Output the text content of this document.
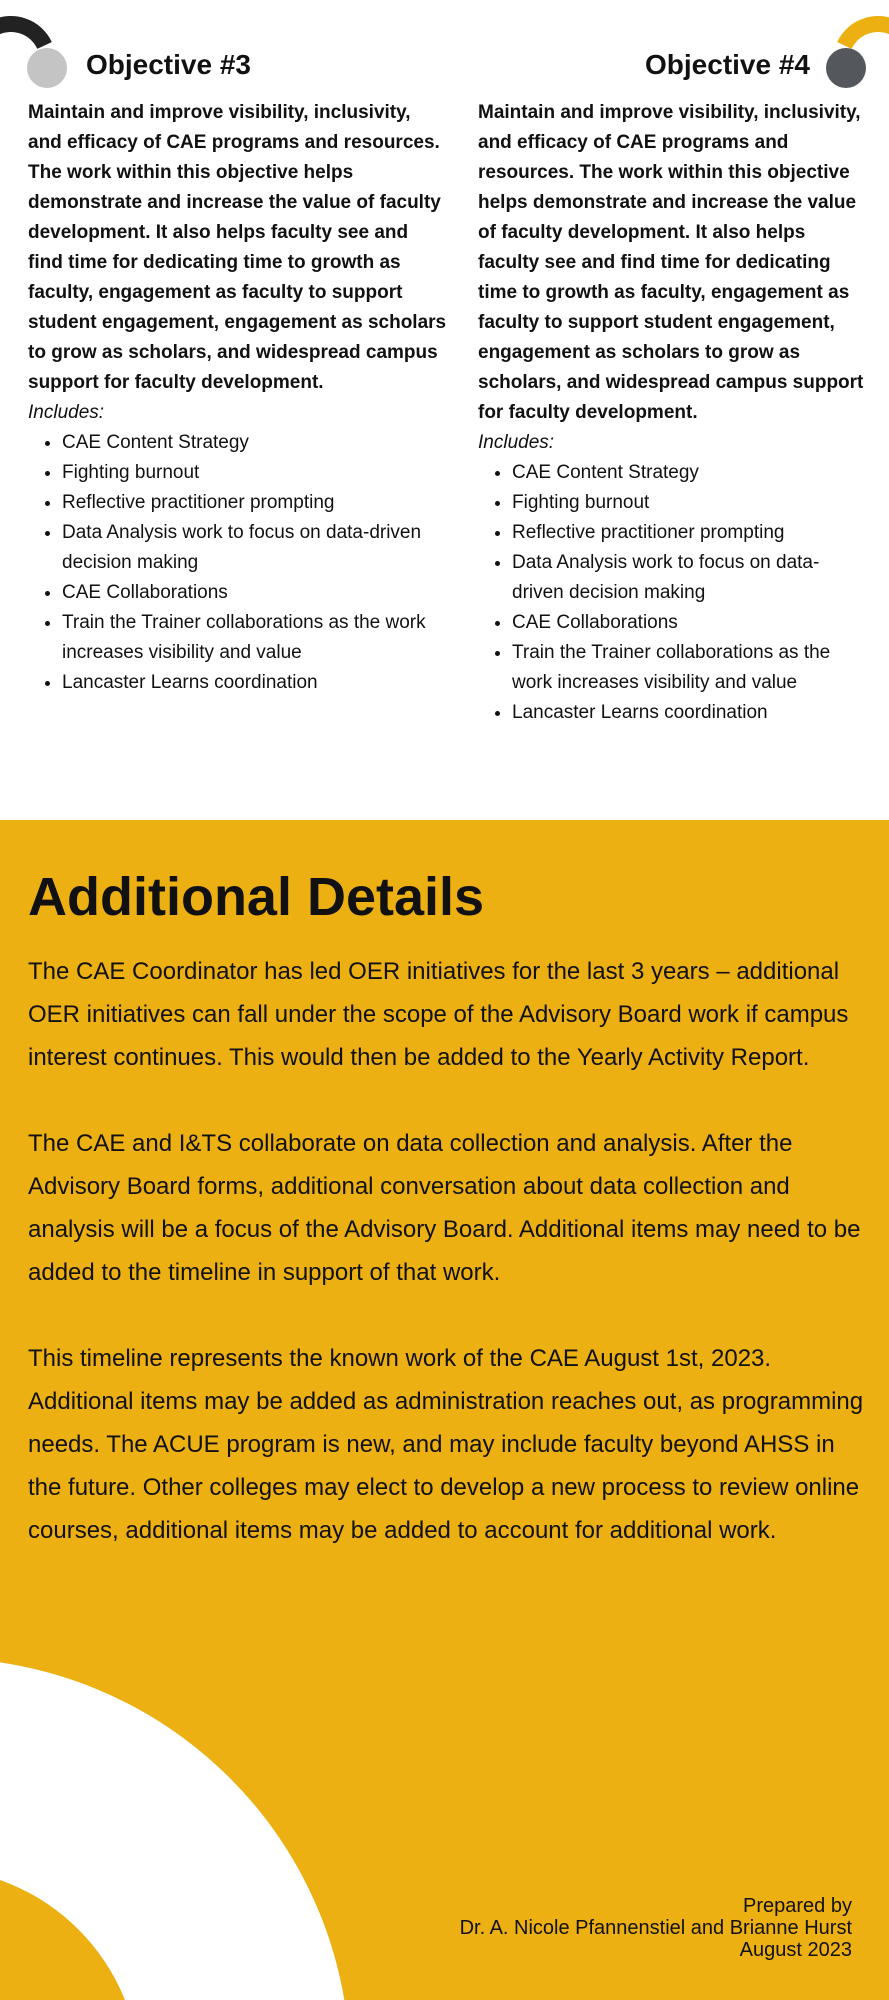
Objective #3

Maintain and improve visibility, inclusivity, and efficacy of CAE programs and resources. The work within this objective helps demonstrate and increase the value of faculty development. It also helps faculty see and find time for dedicating time to growth as faculty, engagement as faculty to support student engagement, engagement as scholars to grow as scholars, and widespread campus support for faculty development.

Includes:

• CAE Content Strategy
• Fighting burnout
• Reflective practitioner prompting
• Data Analysis work to focus on data-driven decision making
• CAE Collaborations
• Train the Trainer collaborations as the work increases visibility and value
• Lancaster Learns coordination
Objective #4

Maintain and improve visibility, inclusivity, and efficacy of CAE programs and resources. The work within this objective helps demonstrate and increase the value of faculty development. It also helps faculty see and find time for dedicating time to growth as faculty, engagement as faculty to support student engagement, engagement as scholars to grow as scholars, and widespread campus support for faculty development.

Includes:

• CAE Content Strategy
• Fighting burnout
• Reflective practitioner prompting
• Data Analysis work to focus on data-driven decision making
• CAE Collaborations
• Train the Trainer collaborations as the work increases visibility and value
• Lancaster Learns coordination
Additional Details

The CAE Coordinator has led OER initiatives for the last 3 years – additional OER initiatives can fall under the scope of the Advisory Board work if campus interest continues. This would then be added to the Yearly Activity Report.

The CAE and I&TS collaborate on data collection and analysis. After the Advisory Board forms, additional conversation about data collection and analysis will be a focus of the Advisory Board. Additional items may need to be added to the timeline in support of that work.

This timeline represents the known work of the CAE August 1st, 2023. Additional items may be added as administration reaches out, as programming needs. The ACUE program is new, and may include faculty beyond AHSS in the future. Other colleges may elect to develop a new process to review online courses, additional items may be added to account for additional work.

Prepared by
Dr. A. Nicole Pfannenstiel and Brianne Hurst
August 2023
